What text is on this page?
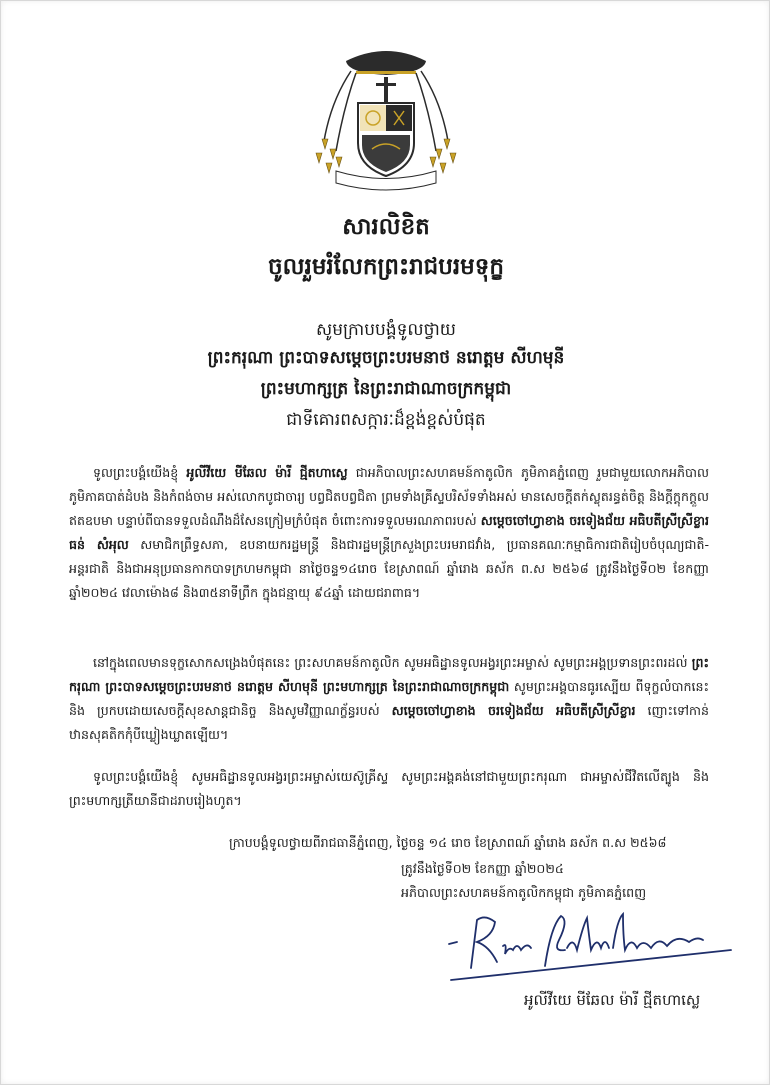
សារលិខិត
ចូលរួមរំលែកព្រះរាជបរមទុក្ខ
សូមក្រាបបង្គំទូលថ្វាយ
ព្រះករុណា ព្រះបាទសម្តេចព្រះបរមនាថ នរោត្តម សីហមុនី
ព្រះមហាក្សត្រ នៃព្រះរាជាណាចក្រកម្ពុជា
ជាទីគោរពសក្ការៈដ៏ខ្ពង់ខ្ពស់បំផុត
ទូលព្រះបង្គំយើងខ្ញុំ អូលីវីយេ មីឆែល ម៉ារី ជ្មីតហាស្លេ ជាអភិបាលព្រះសហគមន៍កាតូលិក ភូមិភាគភ្នំពេញ រួមជាមួយលោកអភិបាលភូមិភាគបាត់ដំបង និងកំពង់ចាម អស់លោកបូជាចារ្យ បព្វជិតបព្វជិតា ព្រមទាំងគ្រីស្ទបរិស័ទទាំងអស់ មានសេចក្តីតក់ស្លុតរន្ធត់ចិត្ត និងក្តីក្តុកក្តួលឥតឧបមា បន្ទាប់ពីបានទទួលដំណឹងដ៏សែនក្រៀមក្រំបំផុត ចំពោះការទទួលមរណភាពរបស់ សម្តេចចៅហ្វាខាង ចរទៀងជ័យ អធិបតីស្រីស្រីខ្លារ ធន់ សំអុល សមាជិកព្រឹទ្ធសភា, ឧបនាយករដ្ឋមន្ត្រី និងជារដ្ឋមន្ត្រីក្រសួងព្រះបរមរាជវាំង, ប្រធានគណៈកម្មាធិការជាតិរៀបចំបុណ្យជាតិ-អន្តរជាតិ និងជាអនុប្រធានកាកបាទក្រហមកម្ពុជា នាថ្ងៃចន្ទ១៤រោច ខែស្រាពណ៍ ឆ្នាំរោង ឆស័ក ព.ស ២៥៦៨ ត្រូវនឹងថ្ងៃទី០២ ខែកញ្ញា ឆ្នាំ២០២៤ វេលាម៉ោង៨ និង៣៥នាទីព្រឹក ក្នុងជន្មាយុ ៩៤ឆ្នាំ ដោយជរាពាធ។
នៅក្នុងពេលមានទុក្ខសោកសង្រេងបំផុតនេះ ព្រះសហគមន៍កាតូលិក សូមអធិដ្ឋានទូលអង្វរព្រះអម្ចាស់ សូមព្រះអង្គប្រទានព្រះពរដល់ ព្រះករុណា ព្រះបាទសម្តេចព្រះបរមនាថ នរោត្តម សីហមុនី ព្រះមហាក្សត្រ នៃព្រះរាជាណាចក្រកម្ពុជា សូមព្រះអង្គបានធូរស្បើយ ពីទុក្ខលំបាកនេះ និង ប្រកបដោយសេចក្តីសុខសាន្តជានិច្ច និងសូមវិញ្ញាណក្ខ័ន្ធរបស់ សម្តេចចៅហ្វាខាង ចរទៀងជ័យ អធិបតីស្រីស្រីខ្លារ ញោះទៅកាន់ឋានសុគតិកកុំបីឃ្លៀងឃ្លាតឡើយ។
ទូលព្រះបង្គំយើងខ្ញុំ សូមអធិដ្ឋានទូលអង្វរព្រះអម្ចាស់យេស៊ូគ្រីស្ទ សូមព្រះអង្គគង់នៅជាមួយព្រះករុណា ជាអម្ចាស់ជីវិតលើត្បូង និងព្រះមហាក្សត្រីយានីជាដរាបរៀងហូត។
ក្រាបបង្គំទូលថ្វាយពីរាជធានីភ្នំពេញ, ថ្ងៃចន្ទ ១៤ រោច ខែស្រាពណ៍ ឆ្នាំរោង ឆស័ក ព.ស ២៥៦៨
ត្រូវនឹងថ្ងៃទី០២ ខែកញ្ញា ឆ្នាំ២០២៤
អភិបាលព្រះសហគមន៍កាតូលិកកម្ពុជា ភូមិភាគភ្នំពេញ
អូលីវីយេ មីឆែល ម៉ារី ជ្មីតហាស្លេ
